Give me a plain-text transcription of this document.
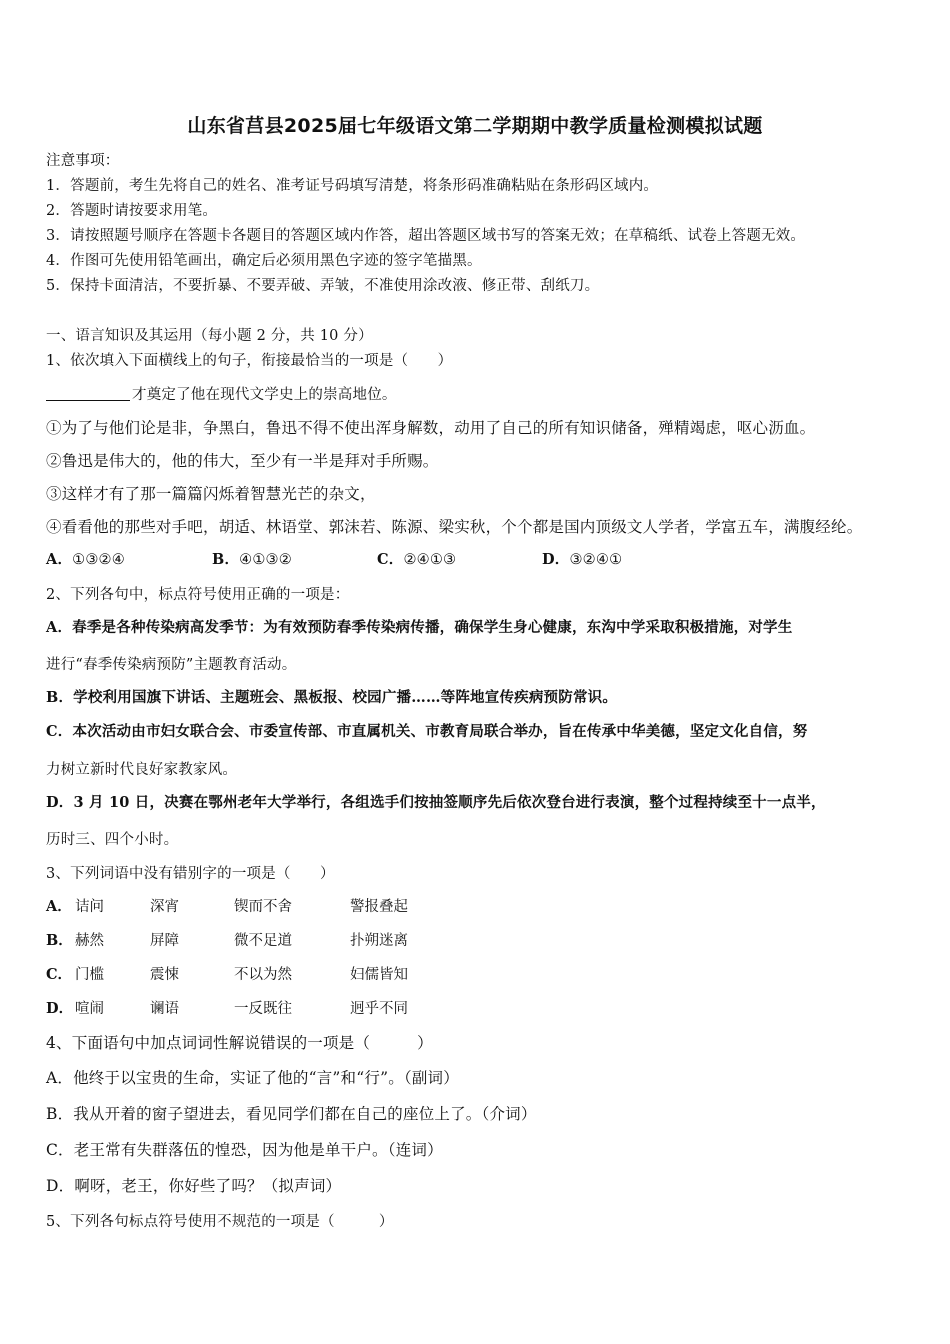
山东省莒县2025届七年级语文第二学期期中教学质量检测模拟试题
注意事项：
1．答题前，考生先将自己的姓名、准考证号码填写清楚，将条形码准确粘贴在条形码区域内。
2．答题时请按要求用笔。
3．请按照题号顺序在答题卡各题目的答题区域内作答，超出答题区域书写的答案无效；在草稿纸、试卷上答题无效。
4．作图可先使用铅笔画出，确定后必须用黑色字迹的签字笔描黑。
5．保持卡面清洁，不要折暴、不要弄破、弄皱，不准使用涂改液、修正带、刮纸刀。
一、语言知识及其运用（每小题 2 分，共 10 分）
1、依次填入下面横线上的句子，衔接最恰当的一项是（　　）
才奠定了他在现代文学史上的崇高地位。
①为了与他们论是非，争黑白，鲁迅不得不使出浑身解数，动用了自己的所有知识储备，殚精竭虑，呕心沥血。
②鲁迅是伟大的，他的伟大，至少有一半是拜对手所赐。
③这样才有了那一篇篇闪烁着智慧光芒的杂文，
④看看他的那些对手吧，胡适、林语堂、郭沫若、陈源、梁实秋，个个都是国内顶级文人学者，学富五车，满腹经纶。
A．①③②④	B．④①③②	C．②④①③	D．③②④①
2、下列各句中，标点符号使用正确的一项是：
A．春季是各种传染病高发季节：为有效预防春季传染病传播，确保学生身心健康，东沟中学采取积极措施，对学生
进行“春季传染病预防”主题教育活动。
B．学校利用国旗下讲话、主题班会、黑板报、校园广播……等阵地宣传疾病预防常识。
C．本次活动由市妇女联合会、市委宣传部、市直属机关、市教育局联合举办，旨在传承中华美德，坚定文化自信，努
力树立新时代良好家教家风。
D．3 月 10 日，决赛在鄂州老年大学举行，各组选手们按抽签顺序先后依次登台进行表演，整个过程持续至十一点半，
历时三、四个小时。
3、下列词语中没有错别字的一项是（　　）
A． 诘问	深宵	锲而不舍	警报叠起
B． 赫然	屏障	微不足道	扑朔迷离
C． 门槛	震悚	不以为然	妇儒皆知
D． 喧闹	谰语	一反既往	迥乎不同
4、下面语句中加点词词性解说错误的一项是（　　　）
A．他终于以宝贵的生命，实证了他的“言”和“行”。（副词）
B．我从开着的窗子望进去，看见同学们都在自己的座位上了。（介词）
C．老王常有失群落伍的惶恐，因为他是单干户。（连词）
D．啊呀，老王，你好些了吗？（拟声词）
5、下列各句标点符号使用不规范的一项是（　　　）
